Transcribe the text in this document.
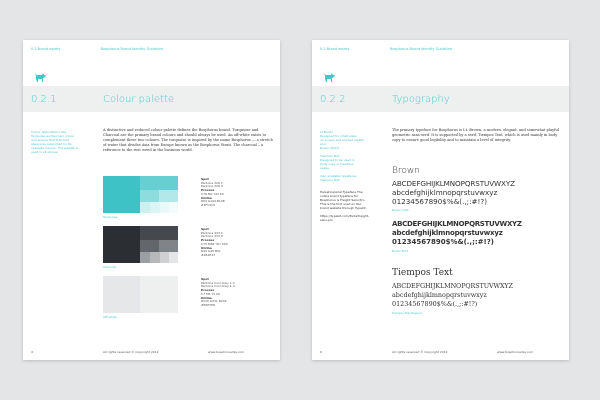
0.2 Brand assets	Bosphorus Brand Identity Guideline
0.2.1	Colour palette
Colour applications Use Turquoise as the main colour and ensure that it should always be supported by its opposite colours. The palette is used in all stories.
A distinctive and reduced colour palette defines the Bosphorus brand. Turquoise and Charcoal are the primary brand colours and should always be used. An off-white exists to complement these two colours. The turquoise is inspired by the name Bosphorus — a stretch of water that divides Asia from Europe known as the Bosphorus Strait. The charcoal – a reference to the rust weed in the business world.
Turquoise
Spot
Pantone 326 C
Pantone 326 U
Process
C78 M0 Y33 K0
Online
R63 G194 B198
#3FC2C6
Charcoal
Spot
Pantone 433 C
Pantone 433 U
Process
C75 M68 Y67 K90
Online
R43 G46 B51
#2B2E33
Off-white
Spot
Pantone Cool Grey 1 C
Pantone Cool Grey 1 U
Process
C7 M5 Y5 K0
Online
R230 G231 B232
#E6E7E8
4	All rights reserved © Copyright 2012	www.bosphorusday.com
0.2 Brand assets	Bosphorus Brand Identity Guideline
0.2.2	Typography
Lt Brown
Designed for small sizes
on screen and printed matter
and
Brown (Bold)
Tiempos Text
Designed to be used in
body copy or headline
usage
Also available typefaces
Tiempos Text
Helvetica/Arial Typeface The online brand typeface for Bosphorus is Freight Sans Pro. This is the font used on the brand website through Typekit.
https://typekit.com/fonts/freight-sans-pro
The primary typeface for Bosphorus is Lt. Brown, a modern, elegant, and somewhat playful geometric sans-serif. It is supported by a serif, Tiempos Text, which is used mainly in body copy to ensure good legibility and to maintain a level of integrity.
Brown
ABCDEFGHIJKLMNOPQRSTUVWXYZ
abcdefghijklmnopqrstuvwxyz
01234567890$%&(.,;:#!?)
Brown Light
ABCDEFGHIJKLMNOPQRSTUVWXYZ
abcdefghijklmnopqrstuvwxyz
01234567890$%&(.,;:#!?)
Brown Bold
Tiempos Text
ABCDEFGHIJKLMNOPQRSTUVWXYZ
abcdefghijklmnopqrstuvwxyz
01234567890$%&(.,;:#!?)
Tiempos Text Regular
6	All rights reserved © Copyright 2012	www.bosphorusday.com
